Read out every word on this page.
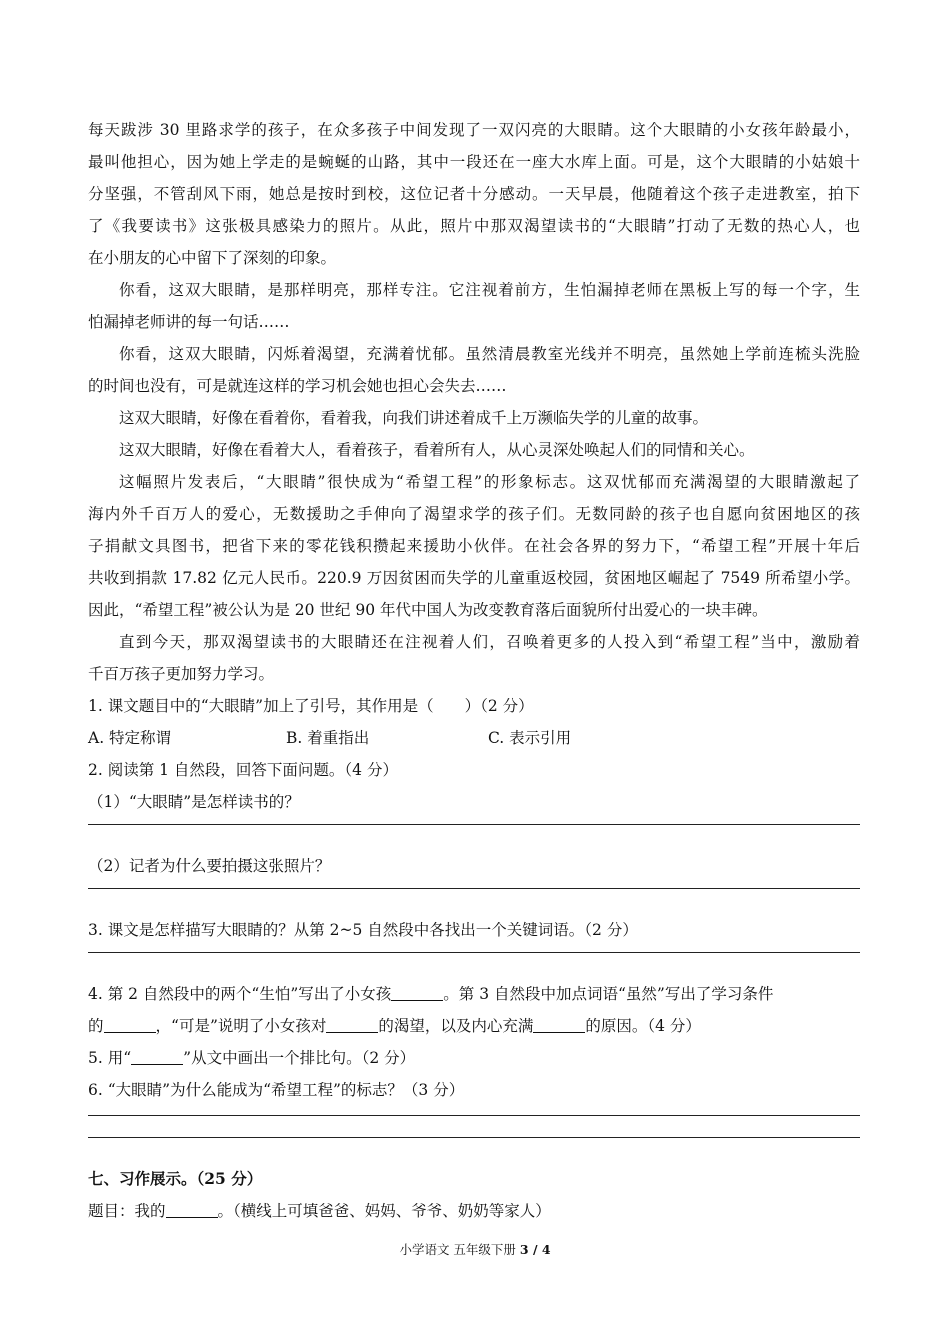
每天跋涉 30 里路求学的孩子，在众多孩子中间发现了一双闪亮的大眼睛。这个大眼睛的小女孩年龄最小，
最叫他担心，因为她上学走的是蜿蜒的山路，其中一段还在一座大水库上面。可是，这个大眼睛的小姑娘十
分坚强，不管刮风下雨，她总是按时到校，这位记者十分感动。一天早晨，他随着这个孩子走进教室，拍下
了《我要读书》这张极具感染力的照片。从此，照片中那双渴望读书的“大眼睛”打动了无数的热心人，也
在小朋友的心中留下了深刻的印象。
你看，这双大眼睛，是那样明亮，那样专注。它注视着前方，生怕漏掉老师在黑板上写的每一个字，生
怕漏掉老师讲的每一句话……
你看，这双大眼睛，闪烁着渴望，充满着忧郁。虽然清晨教室光线并不明亮，虽然她上学前连梳头洗脸
的时间也没有，可是就连这样的学习机会她也担心会失去……
这双大眼睛，好像在看着你，看着我，向我们讲述着成千上万濒临失学的儿童的故事。
这双大眼睛，好像在看着大人，看着孩子，看着所有人，从心灵深处唤起人们的同情和关心。
这幅照片发表后，“大眼睛”很快成为“希望工程”的形象标志。这双忧郁而充满渴望的大眼睛激起了
海内外千百万人的爱心，无数援助之手伸向了渴望求学的孩子们。无数同龄的孩子也自愿向贫困地区的孩
子捐献文具图书，把省下来的零花钱积攒起来援助小伙伴。在社会各界的努力下，“希望工程”开展十年后
共收到捐款 17.82 亿元人民币。220.9 万因贫困而失学的儿童重返校园，贫困地区崛起了 7549 所希望小学。
因此，“希望工程”被公认为是 20 世纪 90 年代中国人为改变教育落后面貌所付出爱心的一块丰碑。
直到今天，那双渴望读书的大眼睛还在注视着人们，召唤着更多的人投入到“希望工程”当中，激励着
千百万孩子更加努力学习。
1. 课文题目中的“大眼睛”加上了引号，其作用是（　　）（2 分）
A. 特定称谓	B. 着重指出	C. 表示引用
2. 阅读第 1 自然段，回答下面问题。（4 分）
（1）“大眼睛”是怎样读书的？
（2）记者为什么要拍摄这张照片？
3. 课文是怎样描写大眼睛的？从第 2~5 自然段中各找出一个关键词语。（2 分）
4. 第 2 自然段中的两个“生怕”写出了小女孩	。第 3 自然段中加点词语“虽然”写出了学习条件
的	，“可是”说明了小女孩对	的渴望，以及内心充满	的原因。（4 分）
5. 用“	”从文中画出一个排比句。（2 分）
6. “大眼睛”为什么能成为“希望工程”的标志？（3 分）
七、习作展示。（25 分）
题目：我的	。（横线上可填爸爸、妈妈、爷爷、奶奶等家人）
小学语文 五年级下册 3 / 4
